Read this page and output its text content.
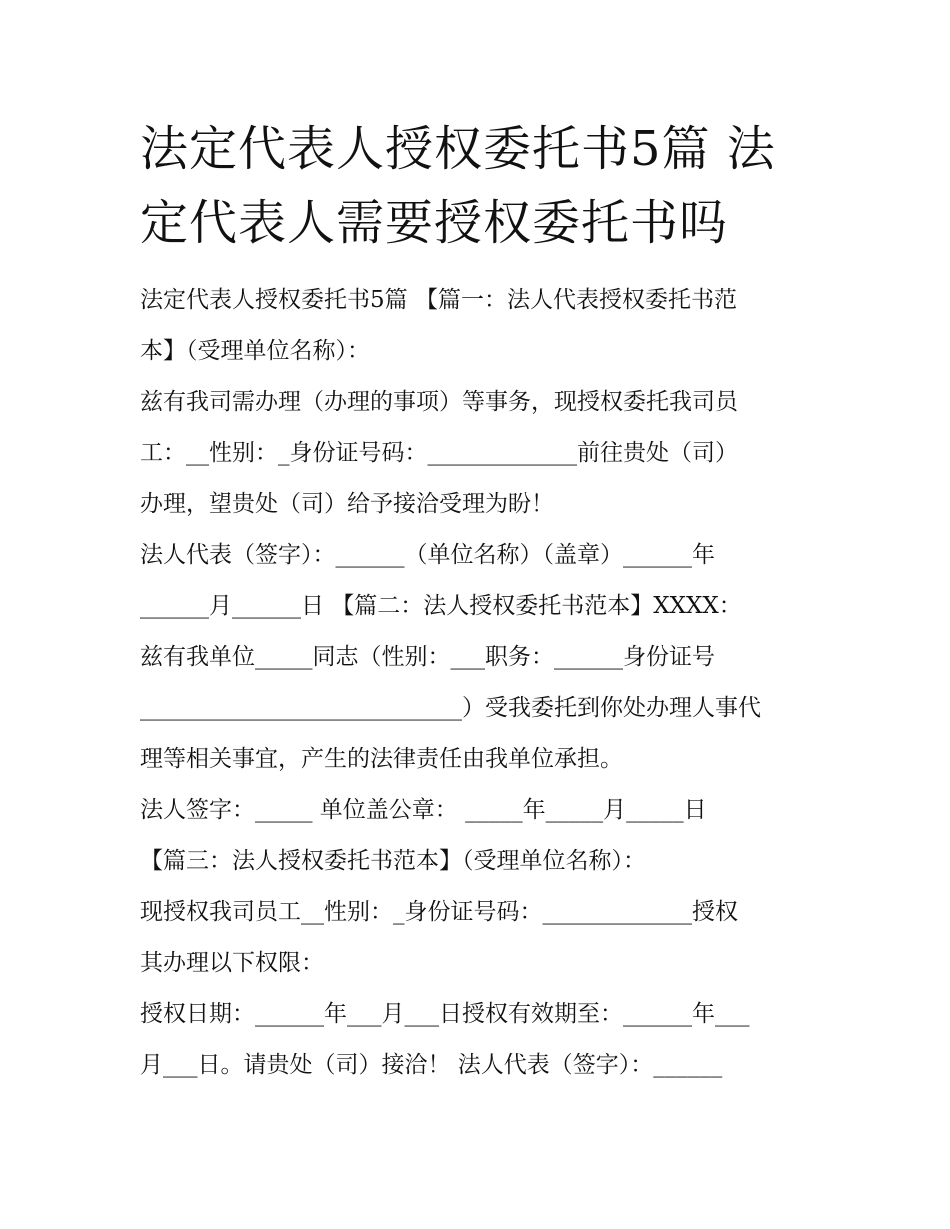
法定代表人授权委托书5篇 法定代表人需要授权委托书吗
法定代表人授权委托书5篇 【篇一：法人代表授权委托书范
本】（受理单位名称）：
兹有我司需办理（办理的事项）等事务，现授权委托我司员
工：__性别：_身份证号码：_____________前往贵处（司）
办理，望贵处（司）给予接洽受理为盼！
法人代表（签字）：______（单位名称）（盖章）______年
______月______日 【篇二：法人授权委托书范本】XXXX：
兹有我单位_____同志（性别：___职务：______身份证号
____________________________）受我委托到你处办理人事代
理等相关事宜，产生的法律责任由我单位承担。
法人签字：_____ 单位盖公章： _____年_____月_____日
【篇三：法人授权委托书范本】（受理单位名称）：
现授权我司员工__性别：_身份证号码：_____________授权
其办理以下权限：
授权日期：______年___月___日授权有效期至：______年___
月___日。请贵处（司）接洽！ 法人代表（签字）：______
